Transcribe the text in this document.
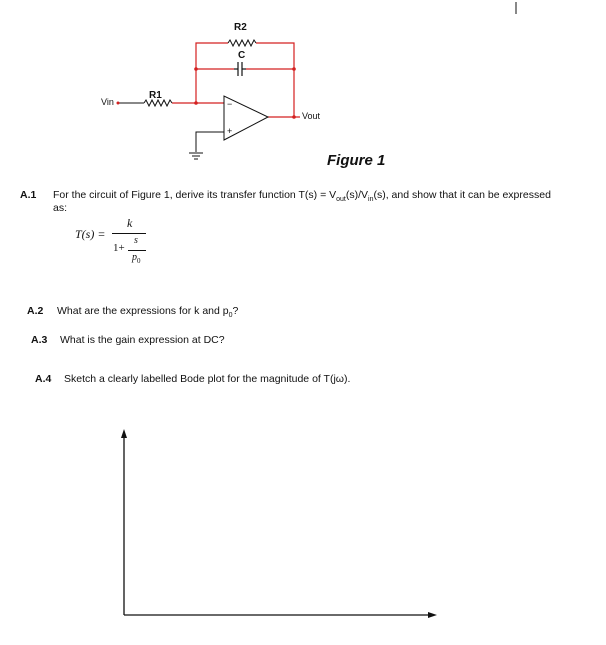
R2
C
R1
Vin
Vout
−
+
Figure 1
A.1 For the circuit of Figure 1, derive its transfer function $T(s) = V_{out}(s)/V_{in}(s)$, and show that it can be expressed
as:
T(s) =
k
1+
s
$p_0$
A.2 What are the expressions for k and $p_0$?
A.3 What is the gain expression at DC?
A.4 Sketch a clearly labelled Bode plot for the magnitude of T(jω).
